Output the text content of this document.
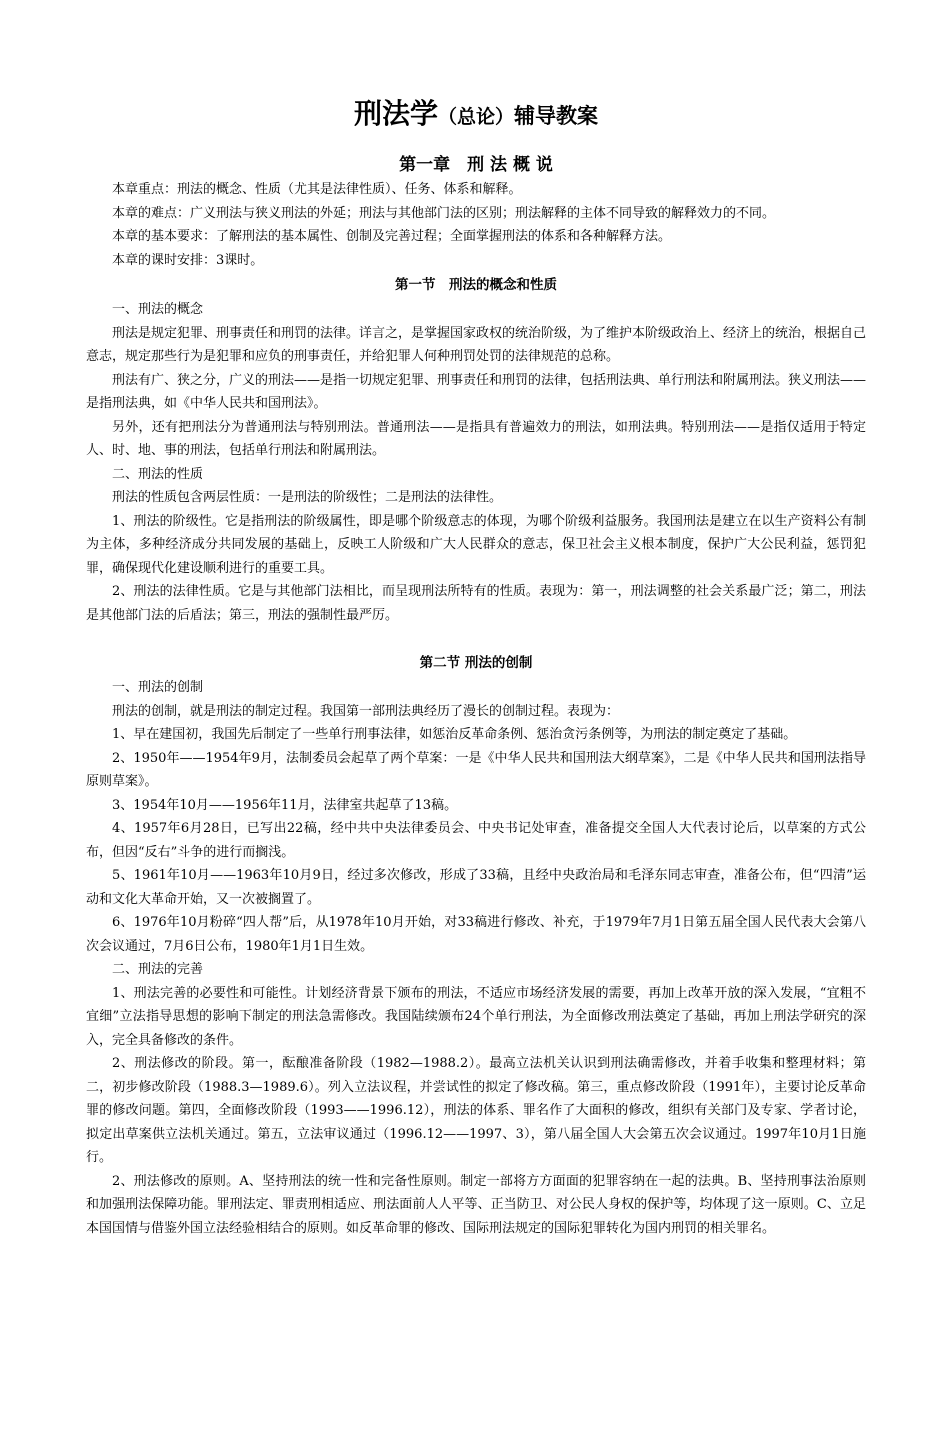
刑法学（总论）辅导教案
第一章　刑 法 概 说

本章重点：刑法的概念、性质（尤其是法律性质）、任务、体系和解释。

本章的难点：广义刑法与狭义刑法的外延；刑法与其他部门法的区别；刑法解释的主体不同导致的解释效力的不同。

本章的基本要求：了解刑法的基本属性、创制及完善过程；全面掌握刑法的体系和各种解释方法。

本章的课时安排：3课时。

第一节　刑法的概念和性质

一、刑法的概念

刑法是规定犯罪、刑事责任和刑罚的法律。详言之，是掌握国家政权的统治阶级，为了维护本阶级政治上、经济上的统治，根据自己意志，规定那些行为是犯罪和应负的刑事责任，并给犯罪人何种刑罚处罚的法律规范的总称。

刑法有广、狭之分，广义的刑法——是指一切规定犯罪、刑事责任和刑罚的法律，包括刑法典、单行刑法和附属刑法。狭义刑法——是指刑法典，如《中华人民共和国刑法》。

另外，还有把刑法分为普通刑法与特别刑法。普通刑法——是指具有普遍效力的刑法，如刑法典。特别刑法——是指仅适用于特定人、时、地、事的刑法，包括单行刑法和附属刑法。

二、刑法的性质

刑法的性质包含两层性质：一是刑法的阶级性；二是刑法的法律性。

1、刑法的阶级性。它是指刑法的阶级属性，即是哪个阶级意志的体现，为哪个阶级利益服务。我国刑法是建立在以生产资料公有制为主体，多种经济成分共同发展的基础上，反映工人阶级和广大人民群众的意志，保卫社会主义根本制度，保护广大公民利益，惩罚犯罪，确保现代化建设顺利进行的重要工具。

2、刑法的法律性质。它是与其他部门法相比，而呈现刑法所特有的性质。表现为：第一，刑法调整的社会关系最广泛；第二，刑法是其他部门法的后盾法；第三，刑法的强制性最严厉。

第二节 刑法的创制

一、刑法的创制

刑法的创制，就是刑法的制定过程。我国第一部刑法典经历了漫长的创制过程。表现为：

1、早在建国初，我国先后制定了一些单行刑事法律，如惩治反革命条例、惩治贪污条例等，为刑法的制定奠定了基础。

2、1950年——1954年9月，法制委员会起草了两个草案：一是《中华人民共和国刑法大纲草案》，二是《中华人民共和国刑法指导原则草案》。

3、1954年10月——1956年11月，法律室共起草了13稿。

4、1957年6月28日，已写出22稿，经中共中央法律委员会、中央书记处审查，准备提交全国人大代表讨论后，以草案的方式公布，但因“反右”斗争的进行而搁浅。

5、1961年10月——1963年10月9日，经过多次修改，形成了33稿，且经中央政治局和毛泽东同志审查，准备公布，但“四清”运动和文化大革命开始，又一次被搁置了。

6、1976年10月粉碎“四人帮”后，从1978年10月开始，对33稿进行修改、补充，于1979年7月1日第五届全国人民代表大会第八次会议通过，7月6日公布，1980年1月1日生效。

二、刑法的完善

1、刑法完善的必要性和可能性。计划经济背景下颁布的刑法，不适应市场经济发展的需要，再加上改革开放的深入发展，“宜粗不宜细”立法指导思想的影响下制定的刑法急需修改。我国陆续颁布24个单行刑法，为全面修改刑法奠定了基础，再加上刑法学研究的深入，完全具备修改的条件。

2、刑法修改的阶段。第一，酝酿准备阶段（1982—1988.2）。最高立法机关认识到刑法确需修改，并着手收集和整理材料；第二，初步修改阶段（1988.3—1989.6）。列入立法议程，并尝试性的拟定了修改稿。第三，重点修改阶段（1991年），主要讨论反革命罪的修改问题。第四，全面修改阶段（1993——1996.12），刑法的体系、罪名作了大面积的修改，组织有关部门及专家、学者讨论，拟定出草案供立法机关通过。第五，立法审议通过（1996.12——1997、3），第八届全国人大会第五次会议通过。1997年10月1日施行。

2、刑法修改的原则。A、坚持刑法的统一性和完备性原则。制定一部将方方面面的犯罪容纳在一起的法典。B、坚持刑事法治原则和加强刑法保障功能。罪刑法定、罪责刑相适应、刑法面前人人平等、正当防卫、对公民人身权的保护等，均体现了这一原则。C、立足本国国情与借鉴外国立法经验相结合的原则。如反革命罪的修改、国际刑法规定的国际犯罪转化为国内刑罚的相关罪名。
